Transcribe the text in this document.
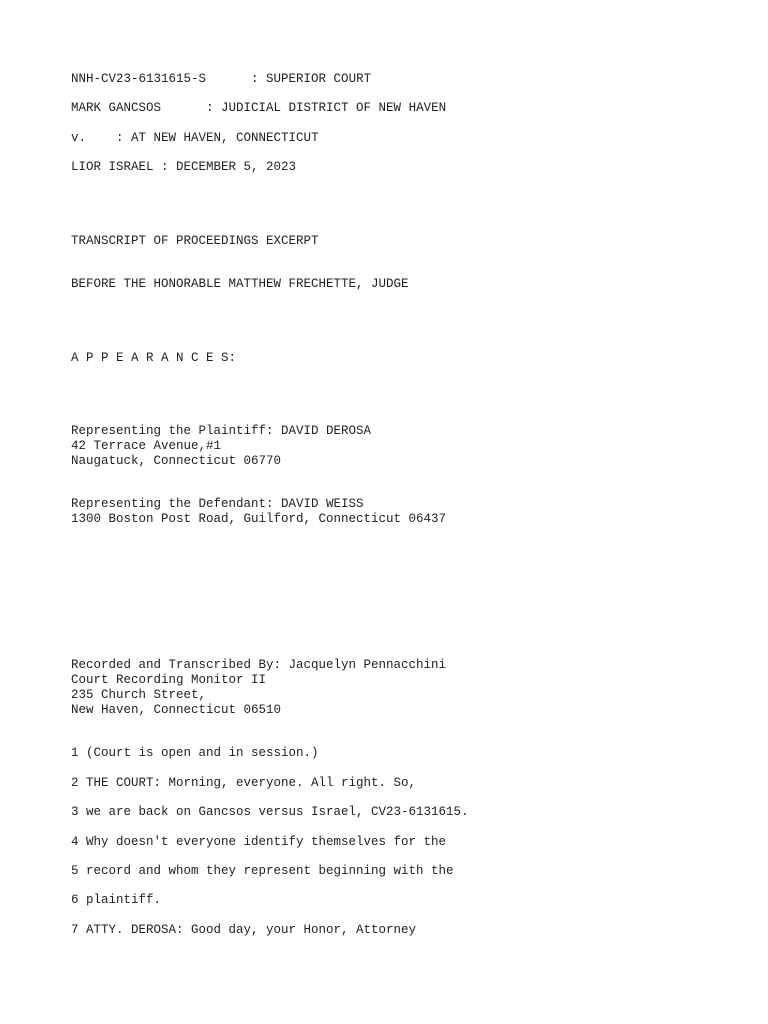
NNH-CV23-6131615-S	: SUPERIOR COURT
MARK GANCSOS	: JUDICIAL DISTRICT OF NEW HAVEN
v. : AT NEW HAVEN, CONNECTICUT
LIOR ISRAEL : DECEMBER 5, 2023
TRANSCRIPT OF PROCEEDINGS EXCERPT
BEFORE THE HONORABLE MATTHEW FRECHETTE, JUDGE
A P P E A R A N C E S:
Representing the Plaintiff: DAVID DEROSA
42 Terrace Avenue,#1
Naugatuck, Connecticut 06770
Representing the Defendant: DAVID WEISS
1300 Boston Post Road, Guilford, Connecticut 06437
Recorded and Transcribed By: Jacquelyn Pennacchini
Court Recording Monitor II
235 Church Street,
New Haven, Connecticut 06510
1 (Court is open and in session.)
2 THE COURT: Morning, everyone. All right. So,
3 we are back on Gancsos versus Israel, CV23-6131615.
4 Why doesn't everyone identify themselves for the
5 record and whom they represent beginning with the
6 plaintiff.
7 ATTY. DEROSA: Good day, your Honor, Attorney
